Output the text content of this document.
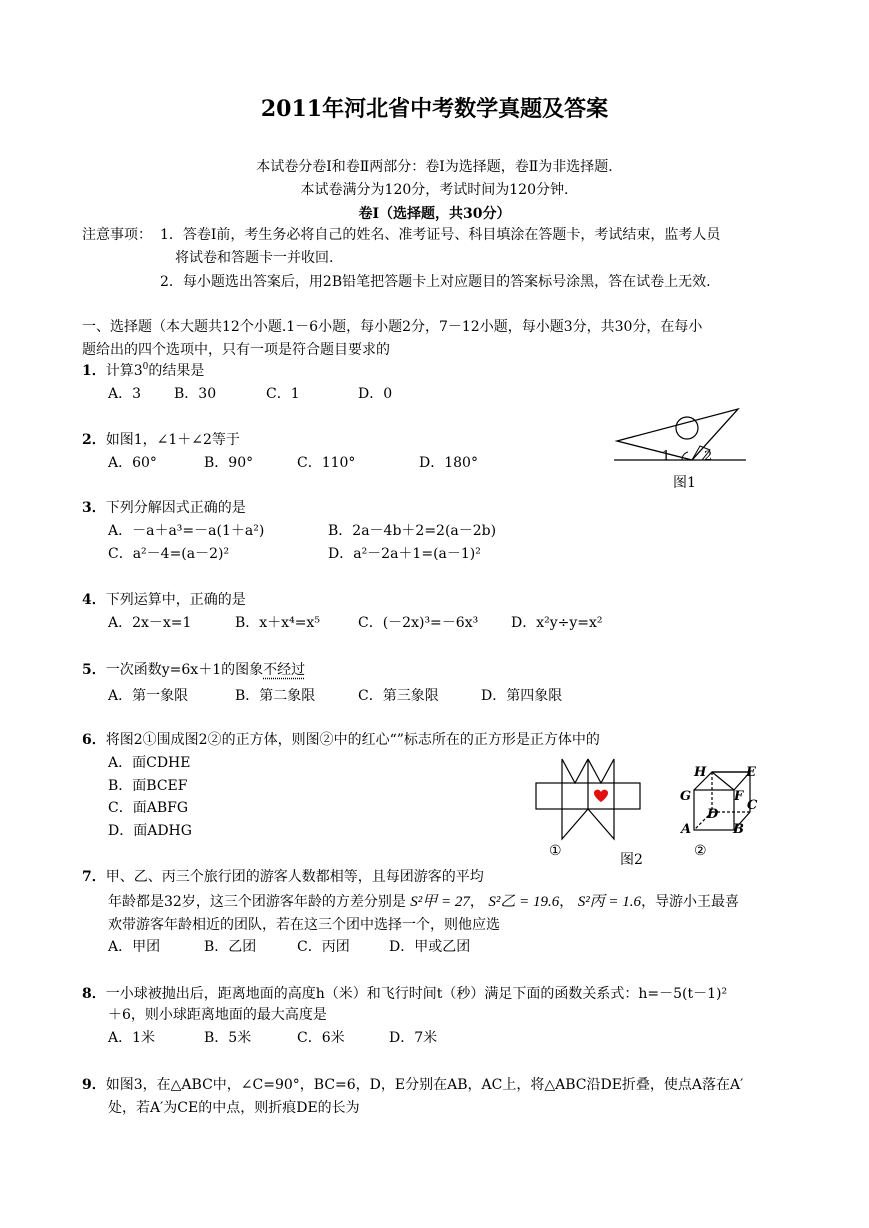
2011年河北省中考数学真题及答案
本试卷分卷Ⅰ和卷Ⅱ两部分：卷Ⅰ为选择题，卷Ⅱ为非选择题.
本试卷满分为120分，考试时间为120分钟.
卷Ⅰ（选择题，共30分）
注意事项： 1．答卷Ⅰ前，考生务必将自己的姓名、准考证号、科目填涂在答题卡，考试结束，监考人员
将试卷和答题卡一并收回.
2．每小题选出答案后，用2B铅笔把答题卡上对应题目的答案标号涂黑，答在试卷上无效.
一、选择题（本大题共12个小题.1－6小题，每小题2分，7－12小题，每小题3分，共30分，在每小
题给出的四个选项中，只有一项是符合题目要求的
1．计算$3^0$的结果是
A．3 B．30	C．1	D．0
2．如图1，∠1＋∠2等于
A．60°	B．90°	C．110°	D．180°	1	2
图1
3．下列分解因式正确的是
A．－a＋a³=－a(1＋a²)	B．2a－4b＋2=2(a－2b)
C．a²－4=(a－2)²	D．a²－2a＋1=(a－1)²
4．下列运算中，正确的是
A．2x－x=1	B．x＋x⁴=x⁵	C．(－2x)³=－6x³ D．x²y÷y=x²
5．一次函数y=6x＋1的图象不经过
A．第一象限	B．第二象限	C．第三象限	D．第四象限
6．将图2①围成图2②的正方体，则图②中的红心“”标志所在的正方形是正方体中的
A．面CDHE
B．面BCEF
C．面ABFG
D．面ADHG
①
图2
②
H	E
G	F
C
D
A	B
7．甲、乙、丙三个旅行团的游客人数都相等，且每团游客的平均
年龄都是32岁，这三个团游客年龄的方差分别是 S²甲 = 27， S²乙 = 19.6， S²丙 = 1.6，导游小王最喜
欢带游客年龄相近的团队，若在这三个团中选择一个，则他应选
A．甲团	B．乙团	C．丙团	D．甲或乙团
8．一小球被抛出后，距离地面的高度h（米）和飞行时间t（秒）满足下面的函数关系式：h=－5(t－1)²
＋6，则小球距离地面的最大高度是
A．1米	B．5米	C．6米	D．7米
9．如图3，在△ABC中，∠C=90°，BC=6，D，E分别在AB，AC上，将△ABC沿DE折叠，使点A落在A′
处，若A′为CE的中点，则折痕DE的长为
